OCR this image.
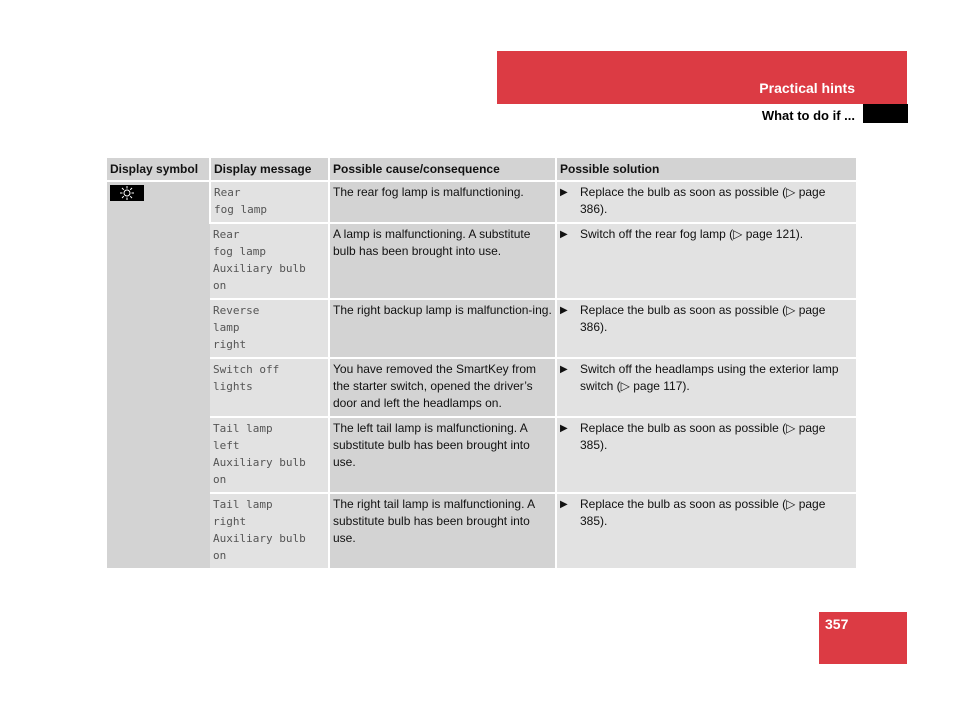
Practical hints
What to do if ...
Display symbol	Display message	Possible cause/consequence	Possible solution

	Rear
fog lamp	The rear fog lamp is malfunctioning.	▶ Replace the bulb as soon as possible (▷ page 386).

	Rear
fog lamp
Auxiliary bulb
on	A lamp is malfunctioning. A substitute bulb has been brought into use.	▶ Switch off the rear fog lamp (▷ page 121).

	Reverse
lamp
right	The right backup lamp is malfunction-ing.	▶ Replace the bulb as soon as possible (▷ page 386).

	Switch off
lights	You have removed the SmartKey from the starter switch, opened the driver’s door and left the headlamps on.	▶ Switch off the headlamps using the exterior lamp switch (▷ page 117).

	Tail lamp
left
Auxiliary bulb
on	The left tail lamp is malfunctioning. A substitute bulb has been brought into use.	▶ Replace the bulb as soon as possible (▷ page 385).

	Tail lamp
right
Auxiliary bulb
on	The right tail lamp is malfunctioning. A substitute bulb has been brought into use.	▶ Replace the bulb as soon as possible (▷ page 385).
357
